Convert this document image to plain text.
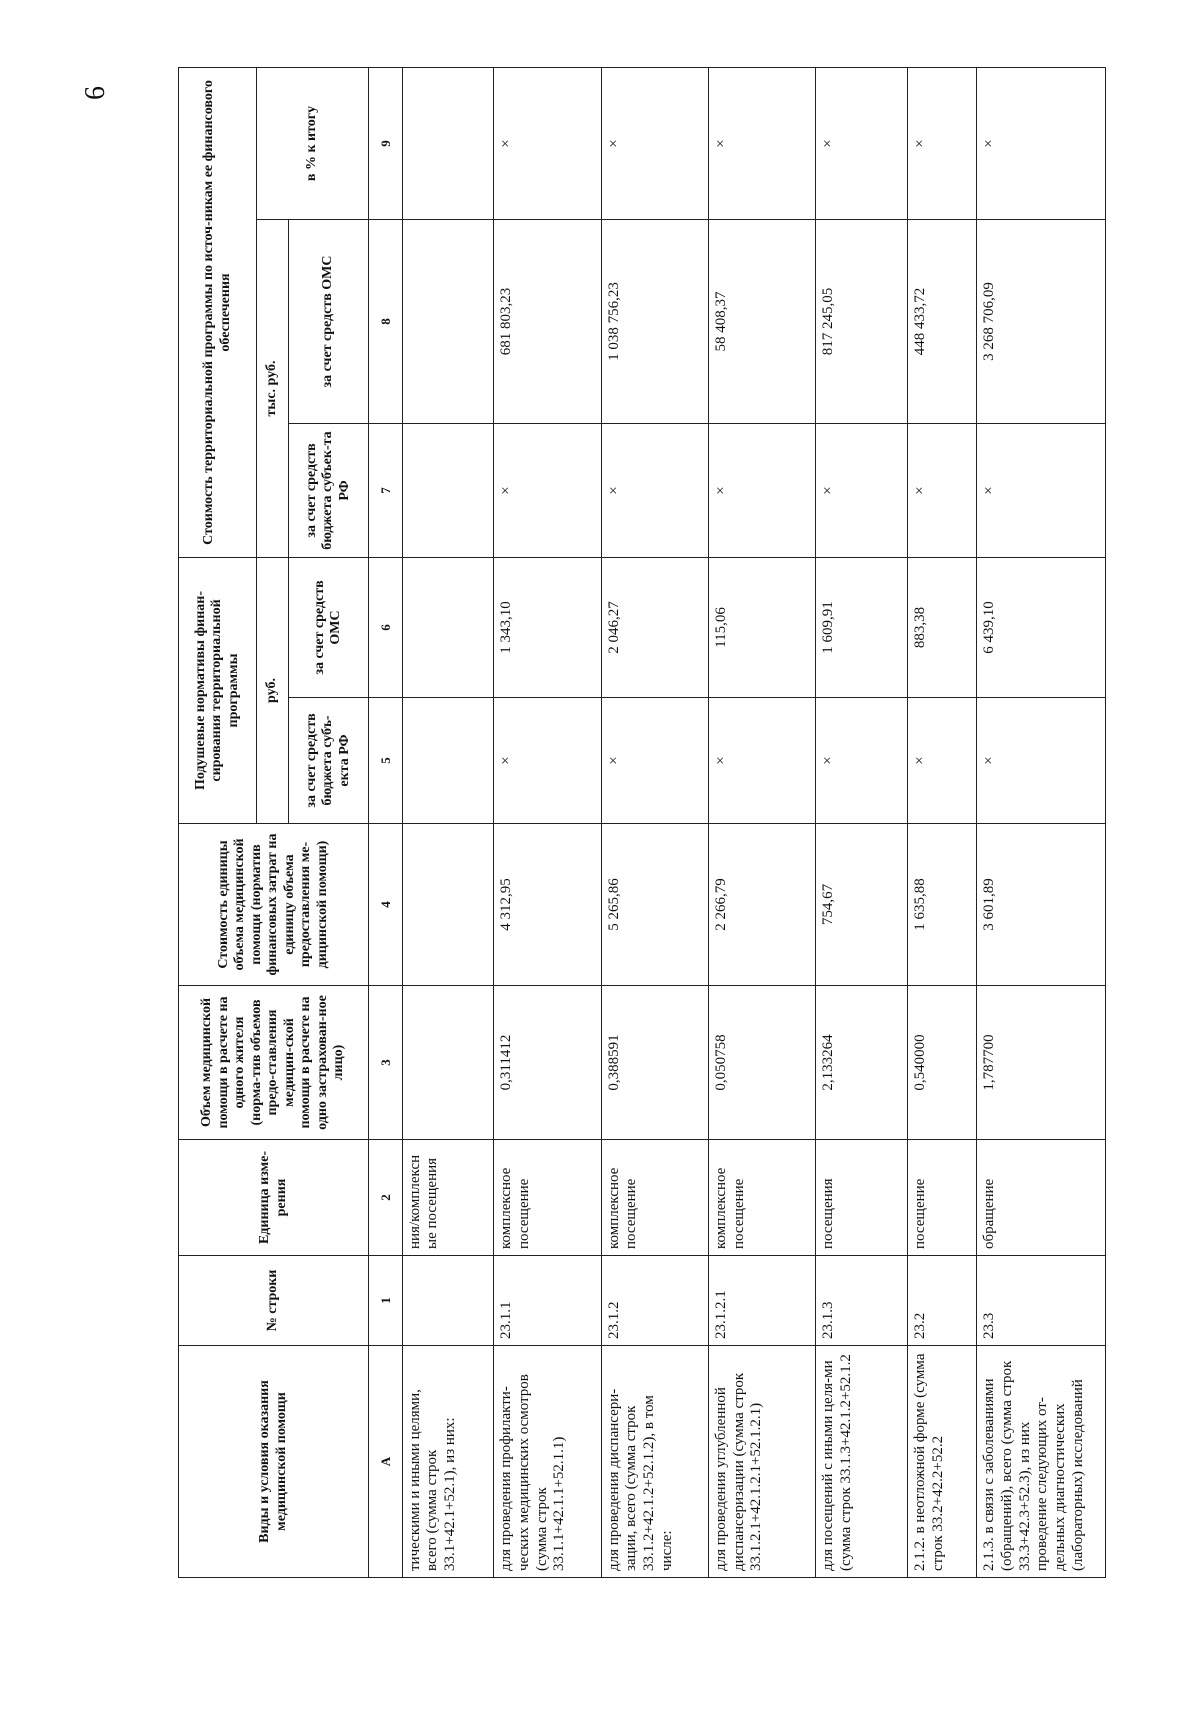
6
Виды и условия оказания медицинской помощи	№ строки	Единица изме-рения	Объем медицинской помощи в расчете на одного жителя (норма-тив объемов предо-ставления медицин-ской помощи в расчете на одно застрахован-ное лицо)	Стоимость единицы объема медицинской помощи (норматив финансовых затрат на единицу объема предоставления ме-дицинской помощи)	Подушевые нормативы финан-сирования территориальной программы		Стоимость территориальной программы по источ-никам ее финансового обеспечения		
					руб.		тыс. руб.		в % к итогу
					за счет средств бюджета субъ-екта РФ	за счет средств ОМС	за счет средств бюджета субъек-та РФ	за счет средств ОМС	
А	1	2	3	4	5	6	7	8	9
тическими и иными целями, всего (сумма строк 33.1+42.1+52.1), из них:		ния/комплексн ые посещения							
для проведения профилакти-ческих медицинских осмотров (сумма строк 33.1.1+42.1.1+52.1.1)	23.1.1	комплексное посещение	0,311412	4 312,95	×	1 343,10	×	681 803,23	×
для проведения диспансери-зации, всего (сумма строк 33.1.2+42.1.2+52.1.2), в том числе:	23.1.2	комплексное посещение	0,388591	5 265,86	×	2 046,27	×	1 038 756,23	×
для проведения углубленной диспансеризации (сумма строк 33.1.2.1+42.1.2.1+52.1.2.1)	23.1.2.1	комплексное посещение	0,050758	2 266,79	×	115,06	×	58 408,37	×
для посещений с иными целя-ми (сумма строк 33.1.3+42.1.2+52.1.2	23.1.3	посещения	2,133264	754,67	×	1 609,91	×	817 245,05	×
2.1.2. в неотложной форме (сумма строк 33.2+42.2+52.2	23.2	посещение	0,540000	1 635,88	×	883,38	×	448 433,72	×
2.1.3. в связи с заболеваниями (обращений), всего (сумма строк 33.3+42.3+52.3), из них проведение следующих от-дельных диагностических (лабораторных) исследований	23.3	обращение	1,787700	3 601,89	×	6 439,10	×	3 268 706,09	×
